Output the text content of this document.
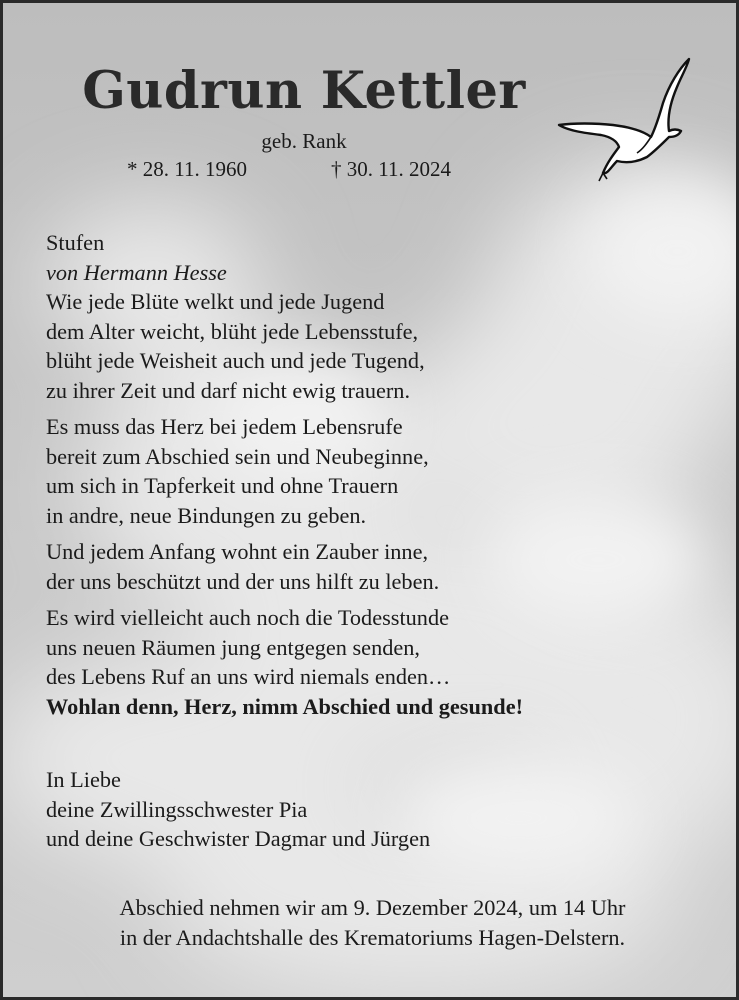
Gudrun Kettler
geb. Rank
* 28. 11. 1960	† 30. 11. 2024
Stufen
von Hermann Hesse

Wie jede Blüte welkt und jede Jugend
dem Alter weicht, blüht jede Lebensstufe,
blüht jede Weisheit auch und jede Tugend,
zu ihrer Zeit und darf nicht ewig trauern.

Es muss das Herz bei jedem Lebensrufe
bereit zum Abschied sein und Neubeginne,
um sich in Tapferkeit und ohne Trauern
in andre, neue Bindungen zu geben.

Und jedem Anfang wohnt ein Zauber inne,
der uns beschützt und der uns hilft zu leben.

Es wird vielleicht auch noch die Todesstunde
uns neuen Räumen jung entgegen senden,
des Lebens Ruf an uns wird niemals enden…
Wohlan denn, Herz, nimm Abschied und gesunde!

In Liebe
deine Zwillingsschwester Pia
und deine Geschwister Dagmar und Jürgen
Abschied nehmen wir am 9. Dezember 2024, um 14 Uhr
in der Andachtshalle des Krematoriums Hagen-Delstern.
